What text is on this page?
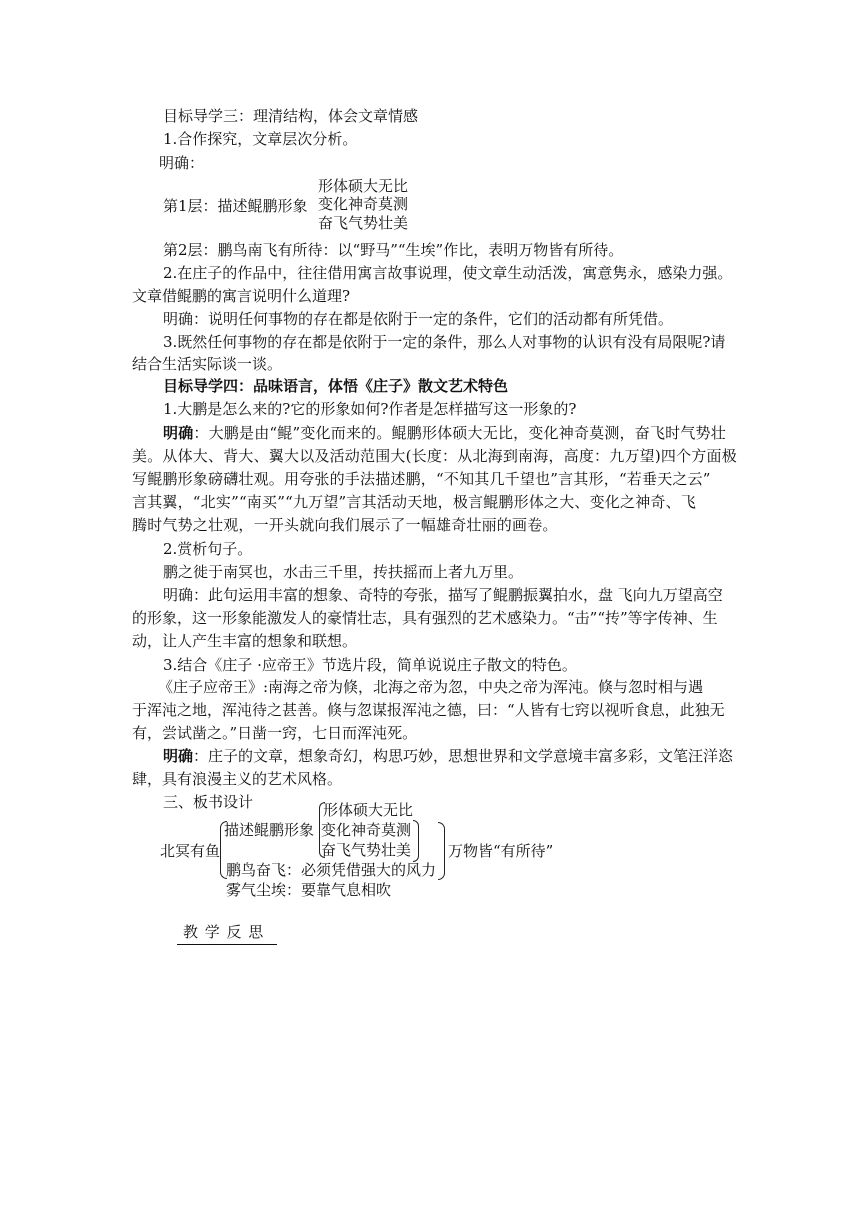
目标导学三：理清结构，体会文章情感
1.合作探究，文章层次分析。
明确：
第1层：描述鲲鹏形象
形体硕大无比
变化神奇莫测
奋飞气势壮美
第2层：鹏鸟南飞有所待：以“野马”“生埃”作比，表明万物皆有所待。
2.在庄子的作品中，往往借用寓言故事说理，使文章生动活泼，寓意隽永，感染力强。
文章借鲲鹏的寓言说明什么道理?
明确：说明任何事物的存在都是依附于一定的条件，它们的活动都有所凭借。
3.既然任何事物的存在都是依附于一定的条件，那么人对事物的认识有没有局限呢?请
结合生活实际谈一谈。
目标导学四：品味语言，体悟《庄子》散文艺术特色
1.大鹏是怎么来的?它的形象如何?作者是怎样描写这一形象的?
明确：大鹏是由“鲲”变化而来的。鲲鹏形体硕大无比，变化神奇莫测，奋飞时气势壮
美。从体大、背大、翼大以及活动范围大(长度：从北海到南海，高度：九万望)四个方面极
写鲲鹏形象磅礴壮观。用夸张的手法描述鹏，“不知其几千望也”言其形，“若垂天之云”
言其翼，“北实”“南买”“九万望”言其活动天地，极言鲲鹏形体之大、变化之神奇、飞
腾时气势之壮观，一开头就向我们展示了一幅雄奇壮丽的画卷。
2.赏析句子。
鹏之徙于南冥也，水击三千里，抟扶摇而上者九万里。
明确：此句运用丰富的想象、奇特的夸张，描写了鲲鹏振翼拍水，盘 飞向九万望高空
的形象，这一形象能激发人的豪情壮志，具有强烈的艺术感染力。“击”“抟”等字传神、生
动，让人产生丰富的想象和联想。
3.结合《庄子 ·应帝王》节选片段，简单说说庄子散文的特色。
《庄子应帝王》:南海之帝为倏，北海之帝为忽，中央之帝为浑沌。倏与忽时相与遇
于浑沌之地，浑沌待之甚善。倏与忽谋报浑沌之德，曰：“人皆有七窍以视听食息，此独无
有，尝试凿之。”日凿一窍，七日而浑沌死。
明确：庄子的文章，想象奇幻，构思巧妙，思想世界和文学意境丰富多彩，文笔汪洋恣
肆，具有浪漫主义的艺术风格。
三、板书设计
北冥有鱼
描述鲲鹏形象
形体硕大无比
变化神奇莫测
奋飞气势壮美
鹏鸟奋飞：必须凭借强大的风力
雾气尘埃：要靠气息相吹
万物皆“有所待”
教 学 反 思
